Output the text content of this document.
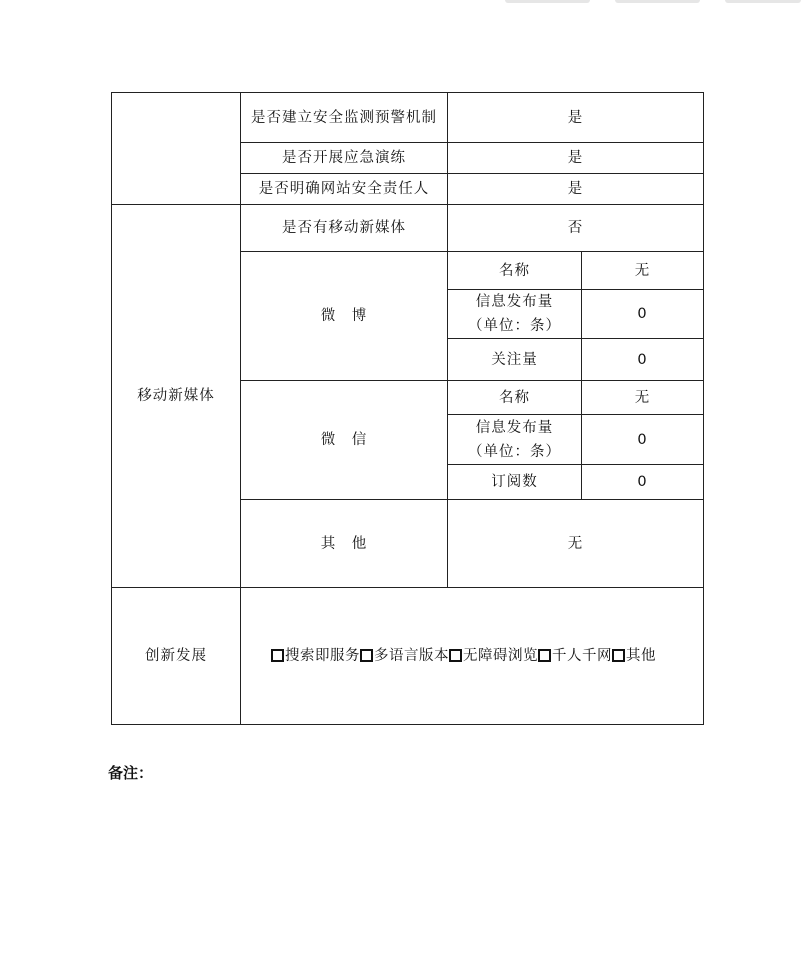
	是否建立安全监测预警机制	是	
	是否开展应急演练	是	
	是否明确网站安全责任人	是	
移动新媒体	是否有移动新媒体	否	
	微　博	名称	无

		信息发布量
（单位：条）	0
		关注量	0
	微　信	名称	无

		信息发布量
（单位：条）	0
		订阅数	0
	其　他	无	
创新发展	搜索即服务 多语言版本 无障碍浏览 千人千网 其他		
备注：
